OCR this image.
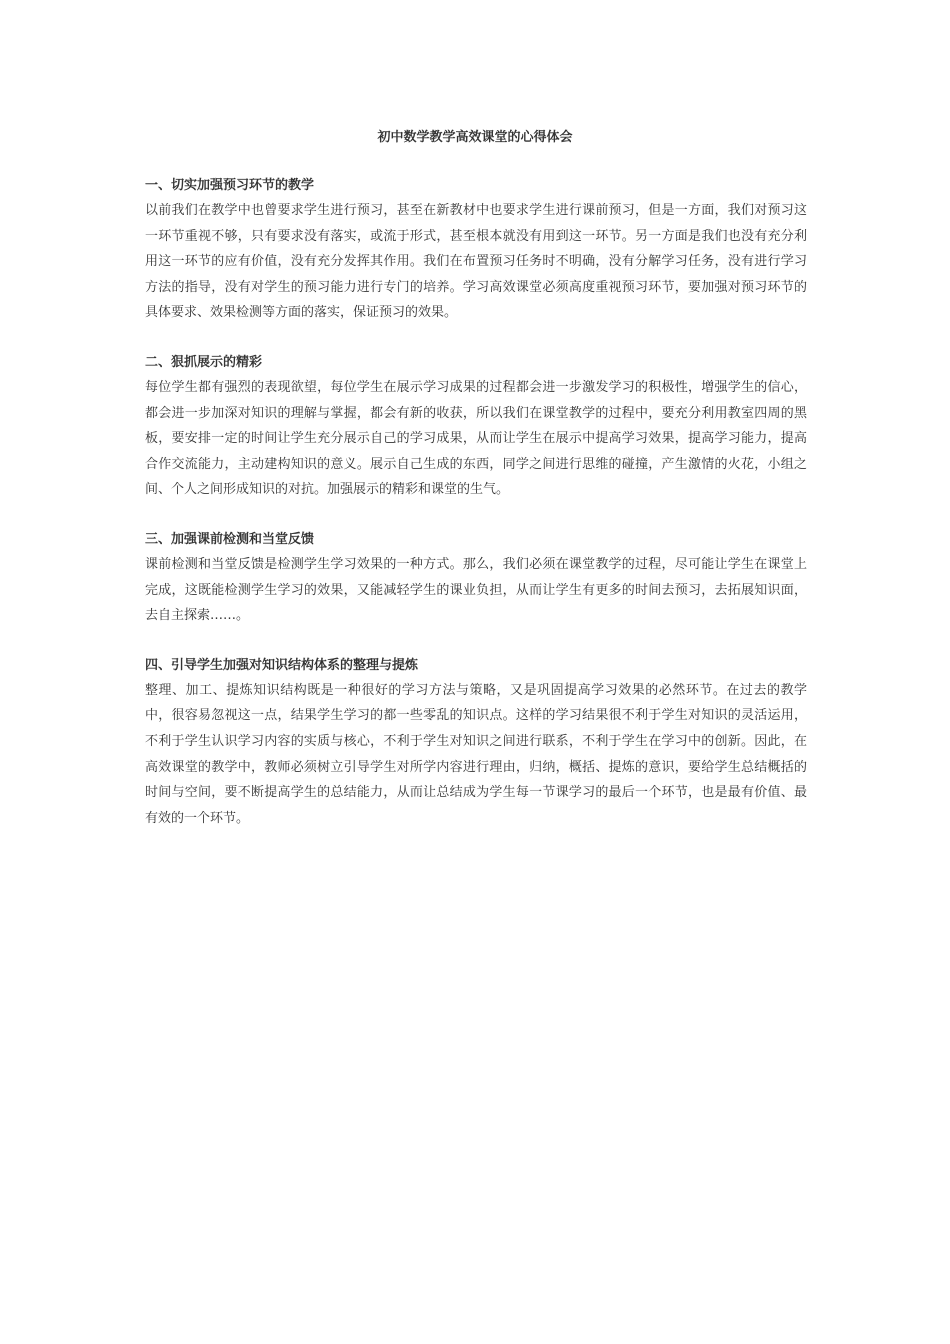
初中数学教学高效课堂的心得体会
一、切实加强预习环节的教学

以前我们在教学中也曾要求学生进行预习，甚至在新教材中也要求学生进行课前预习，但是一方面，我们对预习这一环节重视不够，只有要求没有落实，或流于形式，甚至根本就没有用到这一环节。另一方面是我们也没有充分利用这一环节的应有价值，没有充分发挥其作用。我们在布置预习任务时不明确，没有分解学习任务，没有进行学习方法的指导，没有对学生的预习能力进行专门的培养。学习高效课堂必须高度重视预习环节，要加强对预习环节的具体要求、效果检测等方面的落实，保证预习的效果。

二、狠抓展示的精彩

每位学生都有强烈的表现欲望，每位学生在展示学习成果的过程都会进一步激发学习的积极性，增强学生的信心，都会进一步加深对知识的理解与掌握，都会有新的收获，所以我们在课堂教学的过程中，要充分利用教室四周的黑板，要安排一定的时间让学生充分展示自己的学习成果，从而让学生在展示中提高学习效果，提高学习能力，提高合作交流能力，主动建构知识的意义。展示自己生成的东西，同学之间进行思维的碰撞，产生激情的火花，小组之间、个人之间形成知识的对抗。加强展示的精彩和课堂的生气。

三、加强课前检测和当堂反馈

课前检测和当堂反馈是检测学生学习效果的一种方式。那么，我们必须在课堂教学的过程，尽可能让学生在课堂上完成，这既能检测学生学习的效果，又能减轻学生的课业负担，从而让学生有更多的时间去预习，去拓展知识面，去自主探索……。

四、引导学生加强对知识结构体系的整理与提炼

整理、加工、提炼知识结构既是一种很好的学习方法与策略，又是巩固提高学习效果的必然环节。在过去的教学中，很容易忽视这一点，结果学生学习的都一些零乱的知识点。这样的学习结果很不利于学生对知识的灵活运用，不利于学生认识学习内容的实质与核心，不利于学生对知识之间进行联系，不利于学生在学习中的创新。因此，在高效课堂的教学中，教师必须树立引导学生对所学内容进行理由，归纳，概括、提炼的意识，要给学生总结概括的时间与空间，要不断提高学生的总结能力，从而让总结成为学生每一节课学习的最后一个环节，也是最有价值、最有效的一个环节。
